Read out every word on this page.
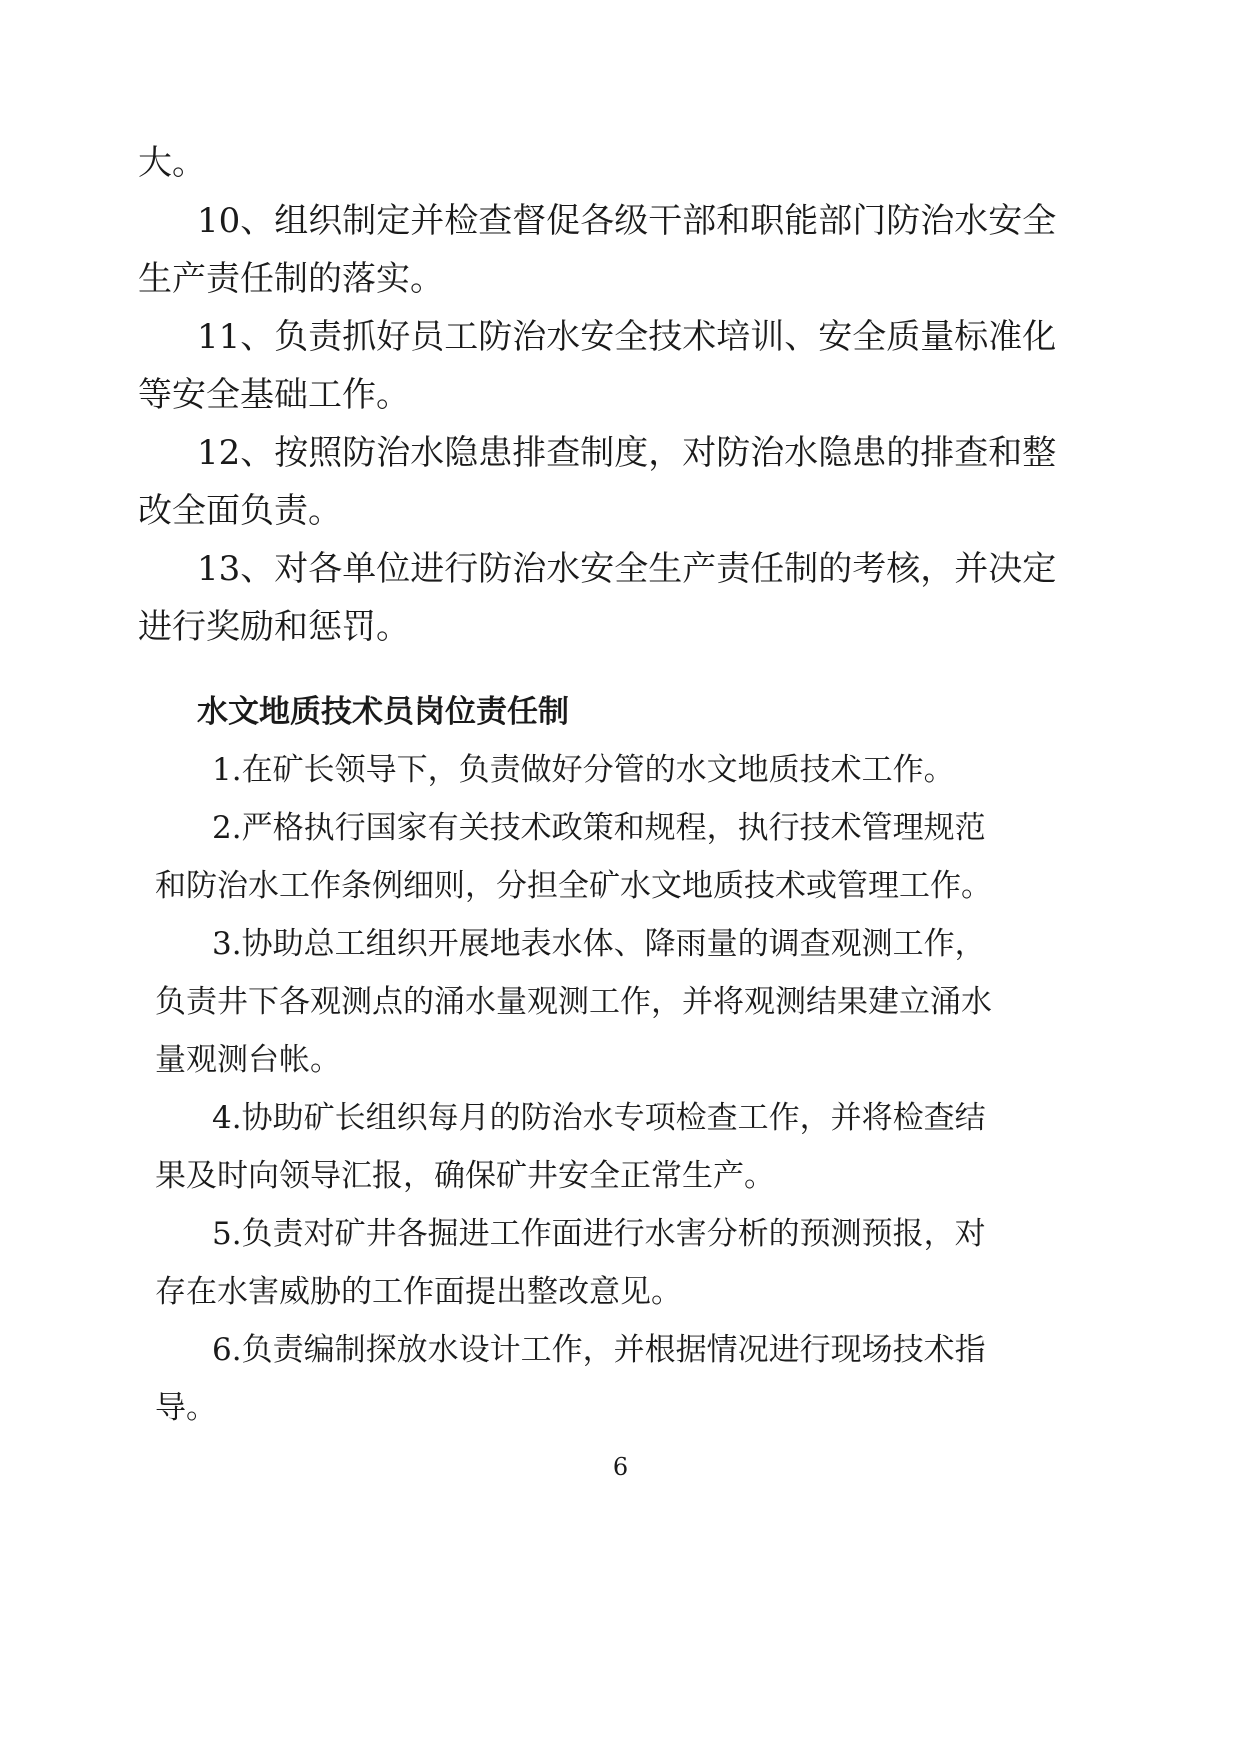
大。
10、组织制定并检查督促各级干部和职能部门防治水安全
生产责任制的落实。
11、负责抓好员工防治水安全技术培训、安全质量标准化
等安全基础工作。
12、按照防治水隐患排查制度，对防治水隐患的排查和整
改全面负责。
13、对各单位进行防治水安全生产责任制的考核，并决定
进行奖励和惩罚。
水文地质技术员岗位责任制
1.在矿长领导下，负责做好分管的水文地质技术工作。
2.严格执行国家有关技术政策和规程，执行技术管理规范
和防治水工作条例细则，分担全矿水文地质技术或管理工作。
3.协助总工组织开展地表水体、降雨量的调查观测工作，
负责井下各观测点的涌水量观测工作，并将观测结果建立涌水
量观测台帐。
4.协助矿长组织每月的防治水专项检查工作，并将检查结
果及时向领导汇报，确保矿井安全正常生产。
5.负责对矿井各掘进工作面进行水害分析的预测预报，对
存在水害威胁的工作面提出整改意见。
6.负责编制探放水设计工作，并根据情况进行现场技术指
导。
6
